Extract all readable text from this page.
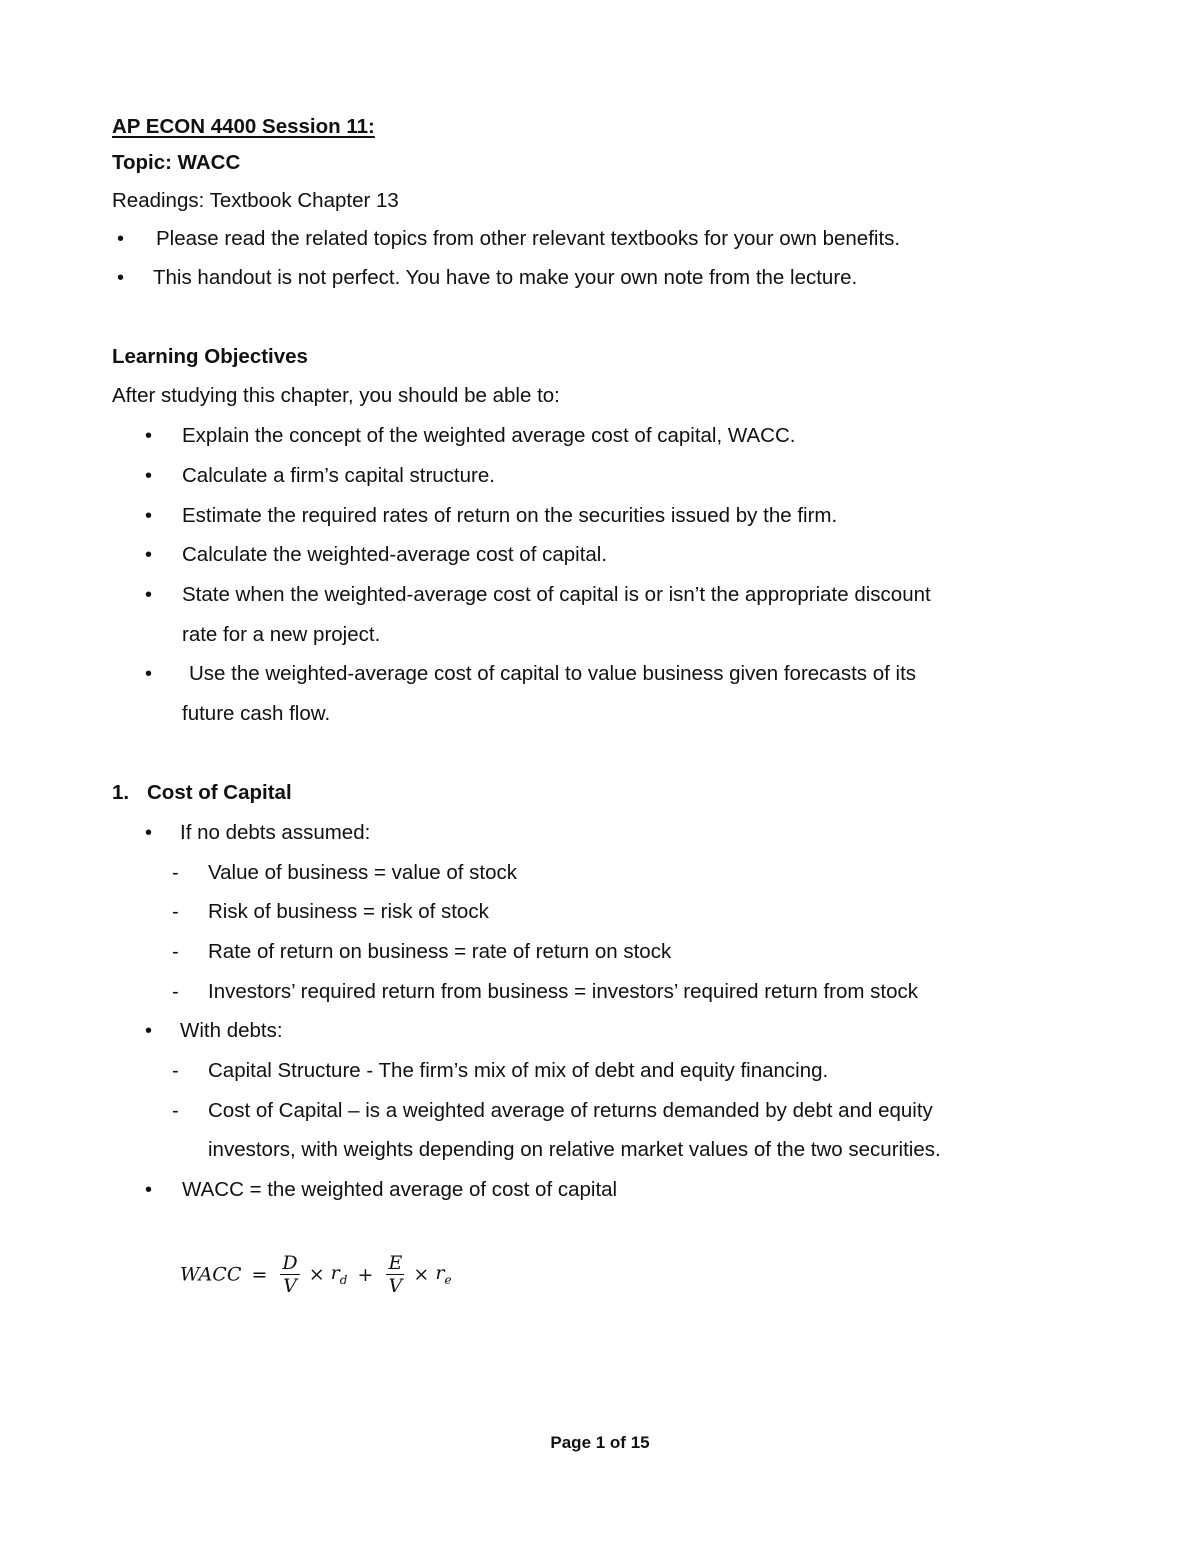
AP ECON 4400 Session 11:
Topic: WACC
Readings: Textbook Chapter 13
• Please read the related topics from other relevant textbooks for your own benefits.
• This handout is not perfect. You have to make your own note from the lecture.
Learning Objectives
After studying this chapter, you should be able to:
• Explain the concept of the weighted average cost of capital, WACC.
• Calculate a firm’s capital structure.
• Estimate the required rates of return on the securities issued by the firm.
• Calculate the weighted-average cost of capital.
• State when the weighted-average cost of capital is or isn’t the appropriate discount
rate for a new project.
• Use the weighted-average cost of capital to value business given forecasts of its
future cash flow.
1. Cost of Capital
• If no debts assumed:
- Value of business = value of stock
- Risk of business = risk of stock
- Rate of return on business = rate of return on stock
- Investors’ required return from business = investors’ required return from stock
• With debts:
- Capital Structure - The firm’s mix of mix of debt and equity financing.
- Cost of Capital – is a weighted average of returns demanded by debt and equity
investors, with weights depending on relative market values of the two securities.
• WACC = the weighted average of cost of capital
WACC = $\frac{D}{V} \times r_d + \frac{E}{V} \times r_e$
Page 1 of 15
